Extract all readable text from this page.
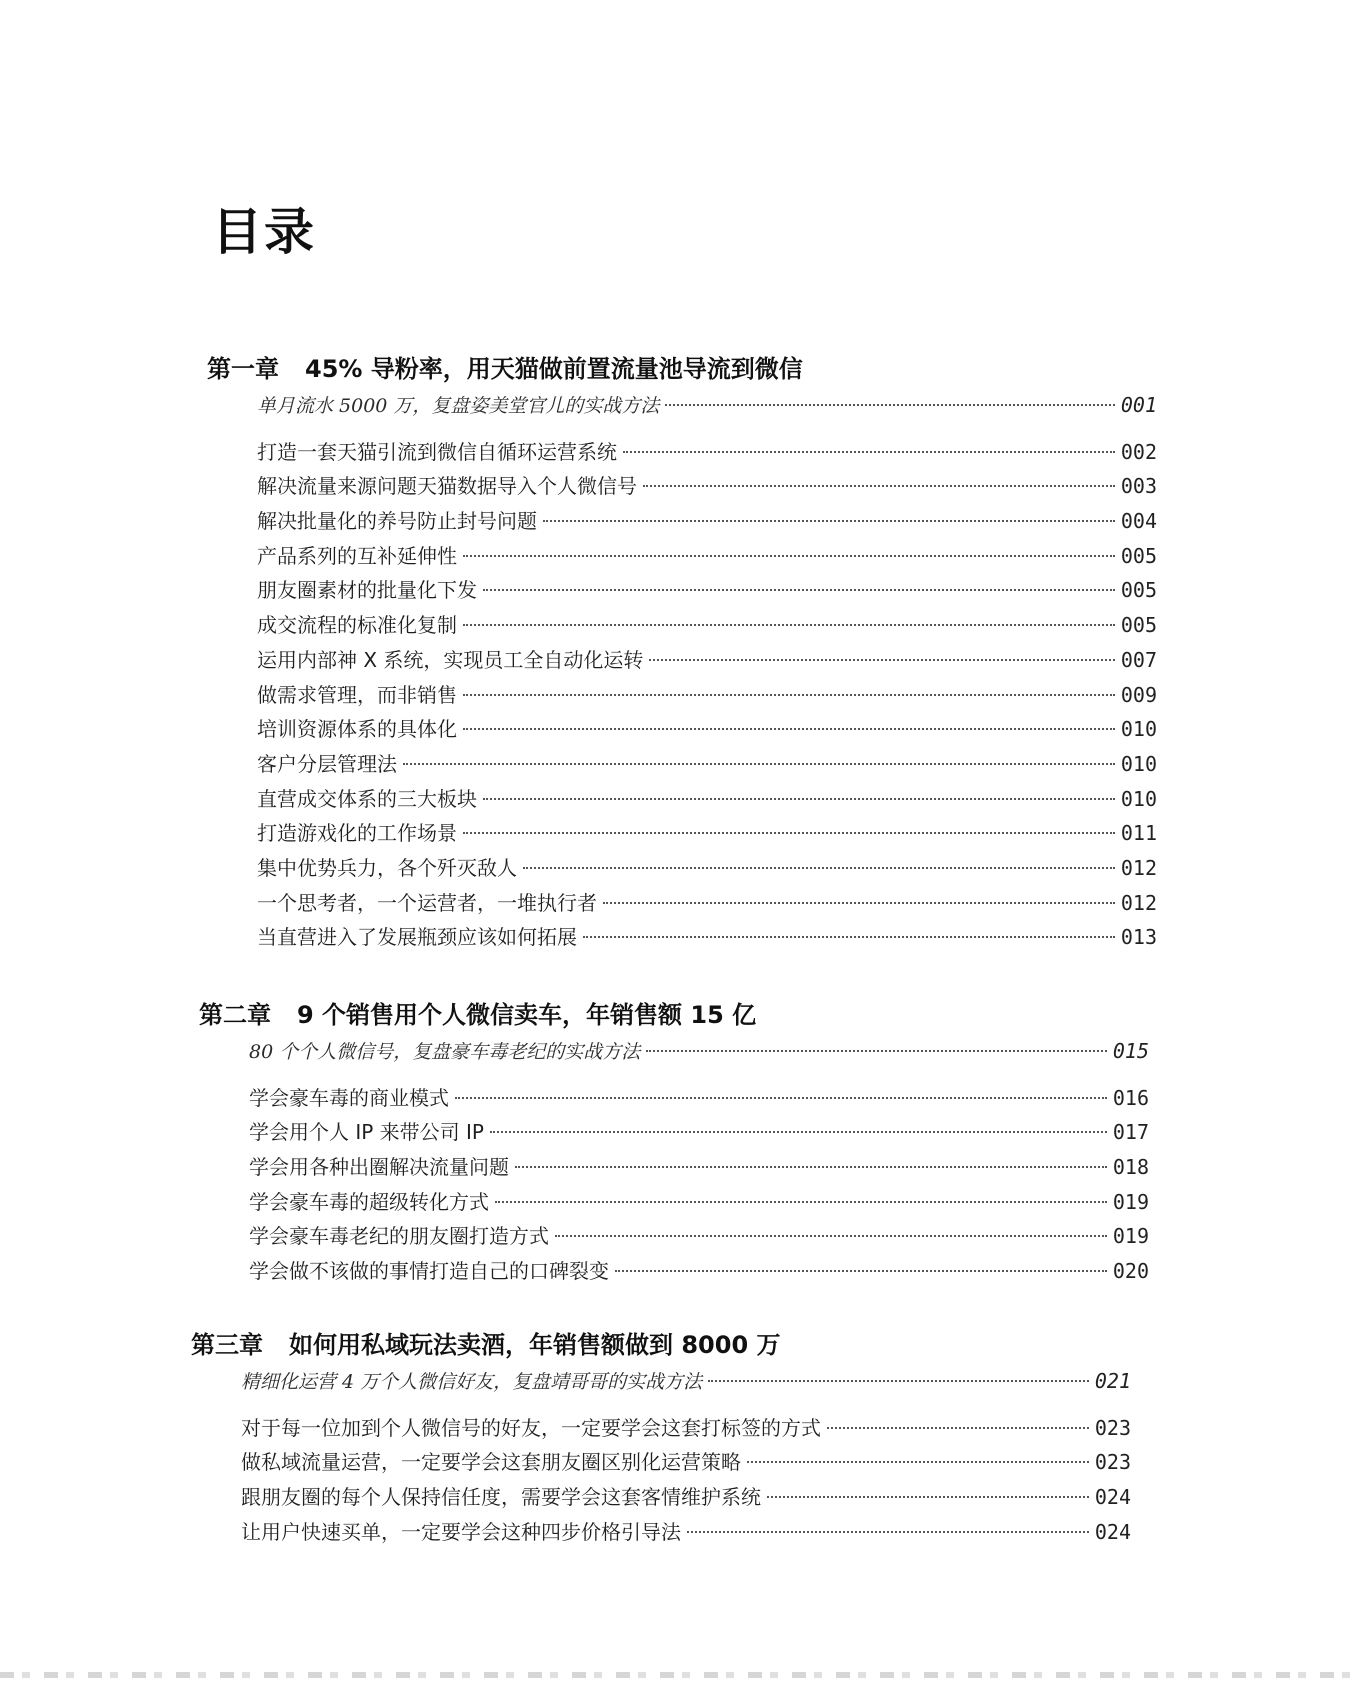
目录
第一章 45% 导粉率，用天猫做前置流量池导流到微信
单月流水 5000 万，复盘姿美堂官儿的实战方法	001
打造一套天猫引流到微信自循环运营系统	002
解决流量来源问题天猫数据导入个人微信号	003
解决批量化的养号防止封号问题	004
产品系列的互补延伸性	005
朋友圈素材的批量化下发	005
成交流程的标准化复制	005
运用内部神 X 系统，实现员工全自动化运转	007
做需求管理，而非销售	009
培训资源体系的具体化	010
客户分层管理法	010
直营成交体系的三大板块	010
打造游戏化的工作场景	011
集中优势兵力，各个歼灭敌人	012
一个思考者，一个运营者，一堆执行者	012
当直营进入了发展瓶颈应该如何拓展	013
第二章 9 个销售用个人微信卖车，年销售额 15 亿
80 个个人微信号，复盘豪车毒老纪的实战方法	015
学会豪车毒的商业模式	016
学会用个人 IP 来带公司 IP	017
学会用各种出圈解决流量问题	018
学会豪车毒的超级转化方式	019
学会豪车毒老纪的朋友圈打造方式	019
学会做不该做的事情打造自己的口碑裂变	020
第三章 如何用私域玩法卖酒，年销售额做到 8000 万
精细化运营 4 万个人微信好友，复盘靖哥哥的实战方法	021
对于每一位加到个人微信号的好友，一定要学会这套打标签的方式	023
做私域流量运营，一定要学会这套朋友圈区别化运营策略	023
跟朋友圈的每个人保持信任度，需要学会这套客情维护系统	024
让用户快速买单，一定要学会这种四步价格引导法	024
